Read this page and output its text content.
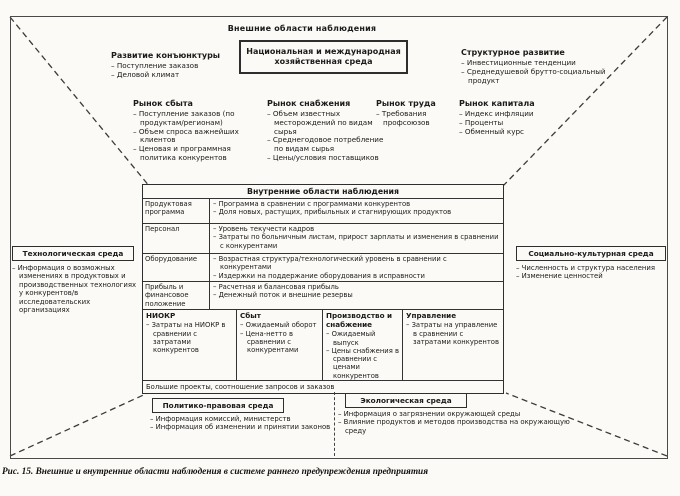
Внешние области наблюдения
Национальная и международная хозяйственная среда
Развитие конъюнктуры
– Поступление заказов
– Деловой климат
Структурное развитие
– Инвестиционные тенденции
– Среднедушевой брутто-социальный продукт
Рынок сбыта
– Поступление заказов (по продуктам/регионам)
– Объем спроса важнейших клиентов
– Ценовая и программная политика конкурентов
Рынок снабжения
– Объем известных месторождений по видам сырья
– Среднегодовое потребление по видам сырья
– Цены/условия поставщиков
Рынок труда
– Требования профсоюзов
Рынок капитала
– Индекс инфляции
– Проценты
– Обменный курс
Внутренние области наблюдения
Продуктовая программа
– Программа в сравнении с программами конкурентов
– Доля новых, растущих, прибыльных и стагнирующих продуктов
Персонал	– Уровень текучести кадров
– Затраты по больничным листам, прирост зарплаты и изменения в сравнении с конкурентами
Оборудование	– Возрастная структура/технологический уровень в сравнении с конкурентами
– Издержки на поддержание оборудования в исправности
Прибыль и финансовое положение
– Расчетная и балансовая прибыль
– Денежный поток и внешние резервы
НИОКР
– Затраты на НИОКР в сравнении с затратами конкурентов
Сбыт
– Ожидаемый оборот
– Цена-нетто в сравнении с конкурентами
Производство и снабжение
– Ожидаемый выпуск
– Цены снабжения в сравнении с ценами конкурентов
Управление
– Затраты на управление в сравнении с затратами конкурентов
Большие проекты, соотношение запросов и заказов
Технологическая среда
– Информация о возможных изменениях в продуктовых и производственных технологиях у конкурентов/в исследовательских организациях
Социально-культурная среда
– Численность и структура населения
– Изменение ценностей
Политико-правовая среда
– Информация комиссий, министерств
– Информация об изменении и принятии законов
Экологическая среда
– Информация о загрязнении окружающей среды
– Влияние продуктов и методов производства на окружающую среду
Рис. 15. Внешние и внутренние области наблюдения в системе раннего предупреждения предприятия
